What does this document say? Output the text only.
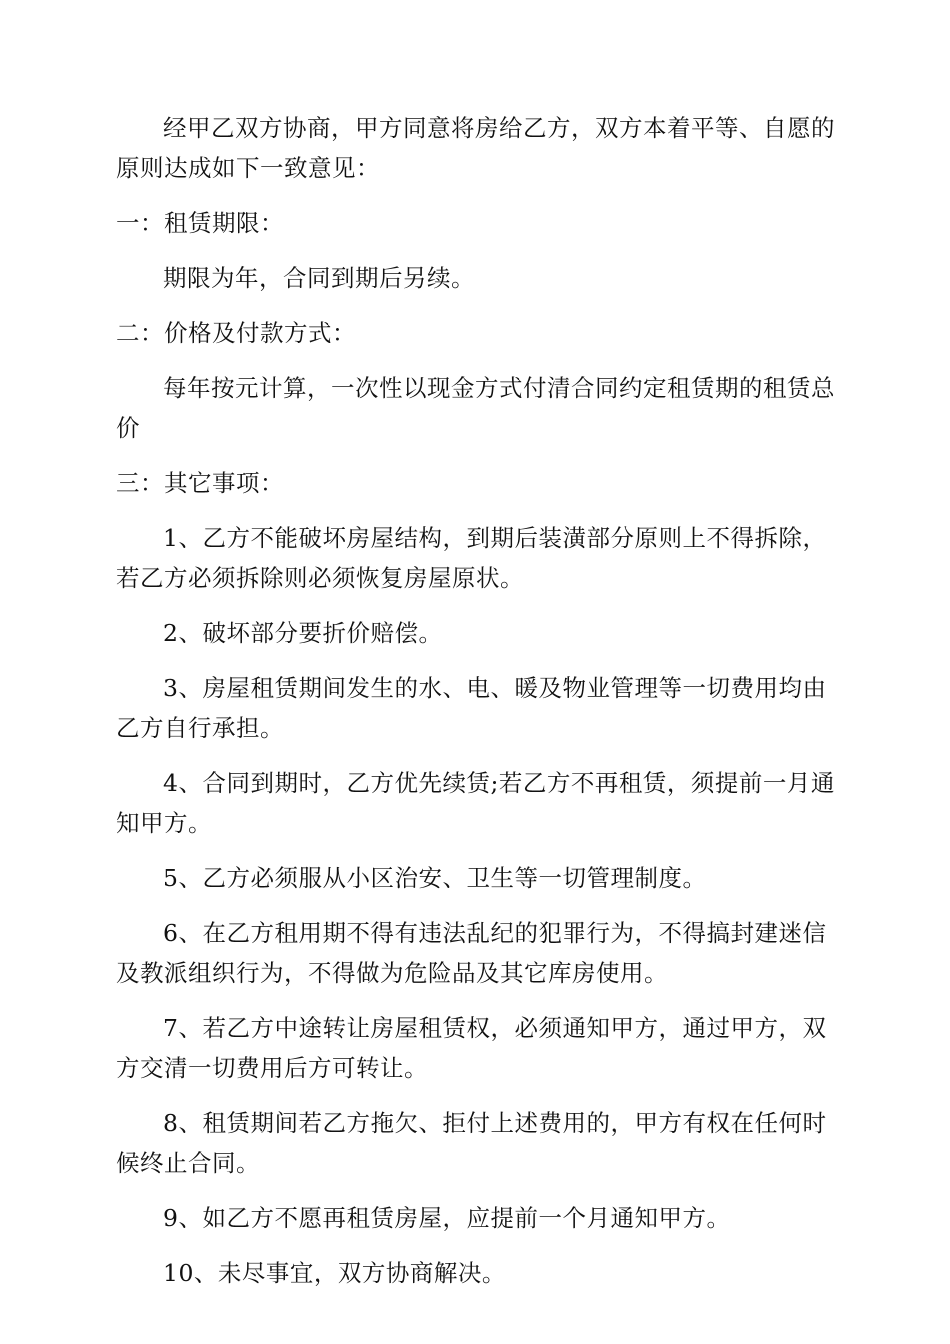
经甲乙双方协商，甲方同意将房给乙方，双方本着平等、自愿的原则达成如下一致意见：

一：租赁期限：

期限为年，合同到期后另续。

二：价格及付款方式：

每年按元计算，一次性以现金方式付清合同约定租赁期的租赁总价

三：其它事项：

1、乙方不能破坏房屋结构，到期后装潢部分原则上不得拆除，若乙方必须拆除则必须恢复房屋原状。

2、破坏部分要折价赔偿。

3、房屋租赁期间发生的水、电、暖及物业管理等一切费用均由乙方自行承担。

4、合同到期时，乙方优先续赁;若乙方不再租赁，须提前一月通知甲方。

5、乙方必须服从小区治安、卫生等一切管理制度。

6、在乙方租用期不得有违法乱纪的犯罪行为，不得搞封建迷信及教派组织行为，不得做为危险品及其它库房使用。

7、若乙方中途转让房屋租赁权，必须通知甲方，通过甲方，双方交清一切费用后方可转让。

8、租赁期间若乙方拖欠、拒付上述费用的，甲方有权在任何时候终止合同。

9、如乙方不愿再租赁房屋，应提前一个月通知甲方。

10、未尽事宜，双方协商解决。
